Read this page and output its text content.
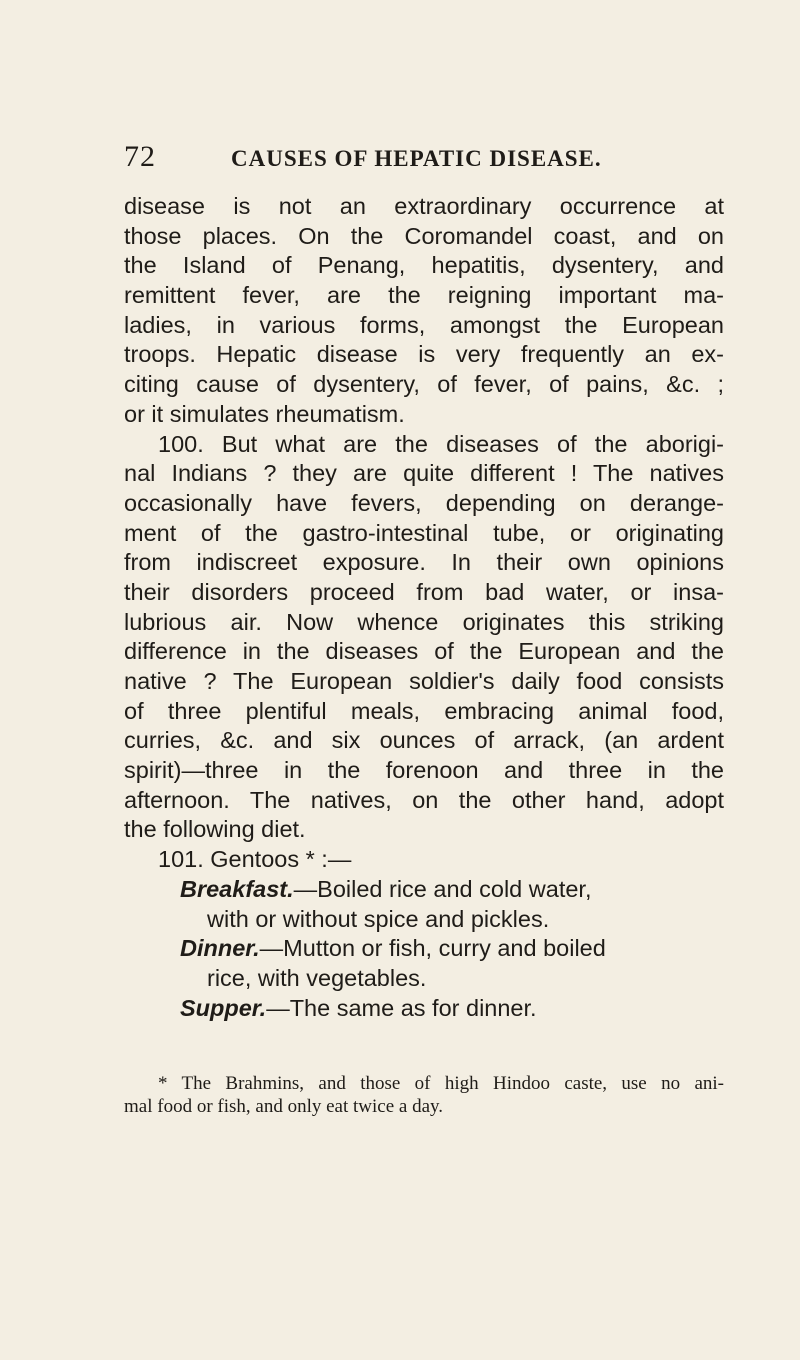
72	CAUSES OF HEPATIC DISEASE.
disease is not an extraordinary occurrence at
those places. On the Coromandel coast, and on
the Island of Penang, hepatitis, dysentery, and
remittent fever, are the reigning important ma-
ladies, in various forms, amongst the European
troops. Hepatic disease is very frequently an ex-
citing cause of dysentery, of fever, of pains, &c. ;
or it simulates rheumatism.
100. But what are the diseases of the aborigi-
nal Indians ? they are quite different ! The natives
occasionally have fevers, depending on derange-
ment of the gastro-intestinal tube, or originating
from indiscreet exposure. In their own opinions
their disorders proceed from bad water, or insa-
lubrious air. Now whence originates this striking
difference in the diseases of the European and the
native ? The European soldier's daily food consists
of three plentiful meals, embracing animal food,
curries, &c. and six ounces of arrack, (an ardent
spirit)—three in the forenoon and three in the
afternoon. The natives, on the other hand, adopt
the following diet.
101. Gentoos * :—
Breakfast.—Boiled rice and cold water,
with or without spice and pickles.
Dinner.—Mutton or fish, curry and boiled
rice, with vegetables.
Supper.—The same as for dinner.
* The Brahmins, and those of high Hindoo caste, use no ani-
mal food or fish, and only eat twice a day.
